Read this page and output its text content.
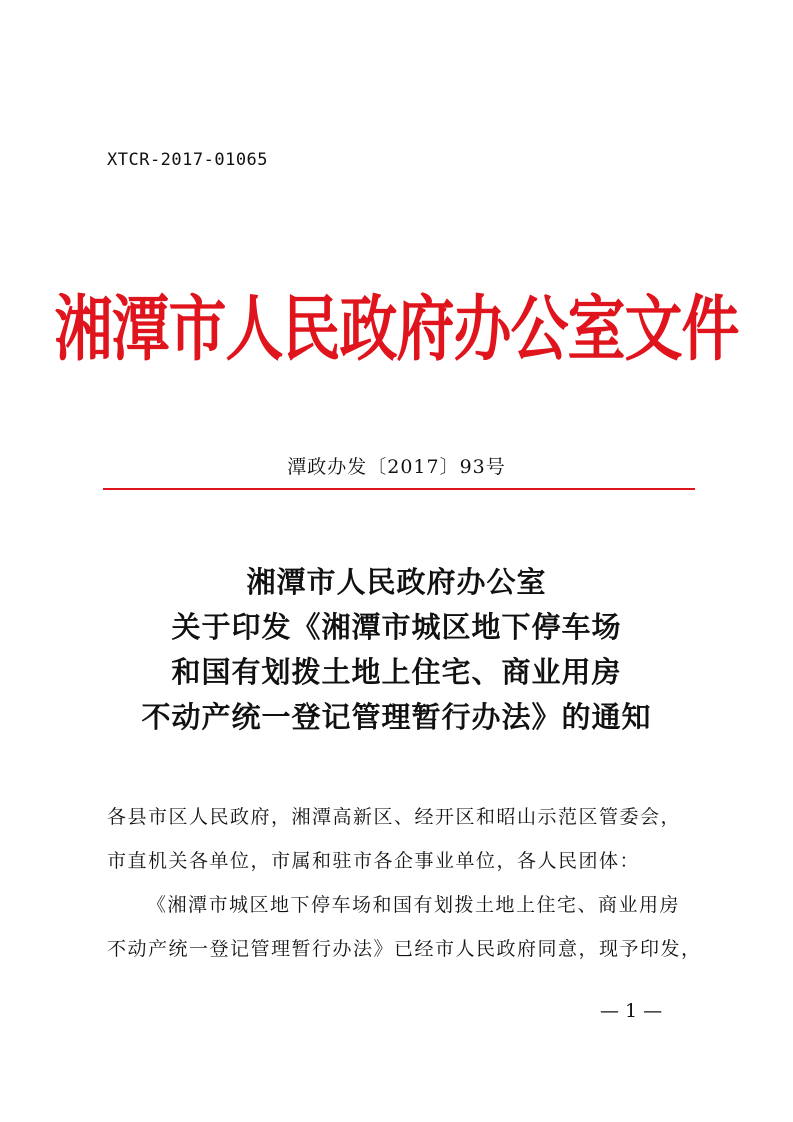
XTCR-2017-01065
湘潭市人民政府办公室文件
潭政办发〔2017〕93号
湘潭市人民政府办公室
关于印发《湘潭市城区地下停车场
和国有划拨土地上住宅、商业用房
不动产统一登记管理暂行办法》的通知
各县市区人民政府，湘潭高新区、经开区和昭山示范区管委会，
市直机关各单位，市属和驻市各企事业单位，各人民团体：
《湘潭市城区地下停车场和国有划拨土地上住宅、商业用房
不动产统一登记管理暂行办法》已经市人民政府同意，现予印发，
— 1 —
